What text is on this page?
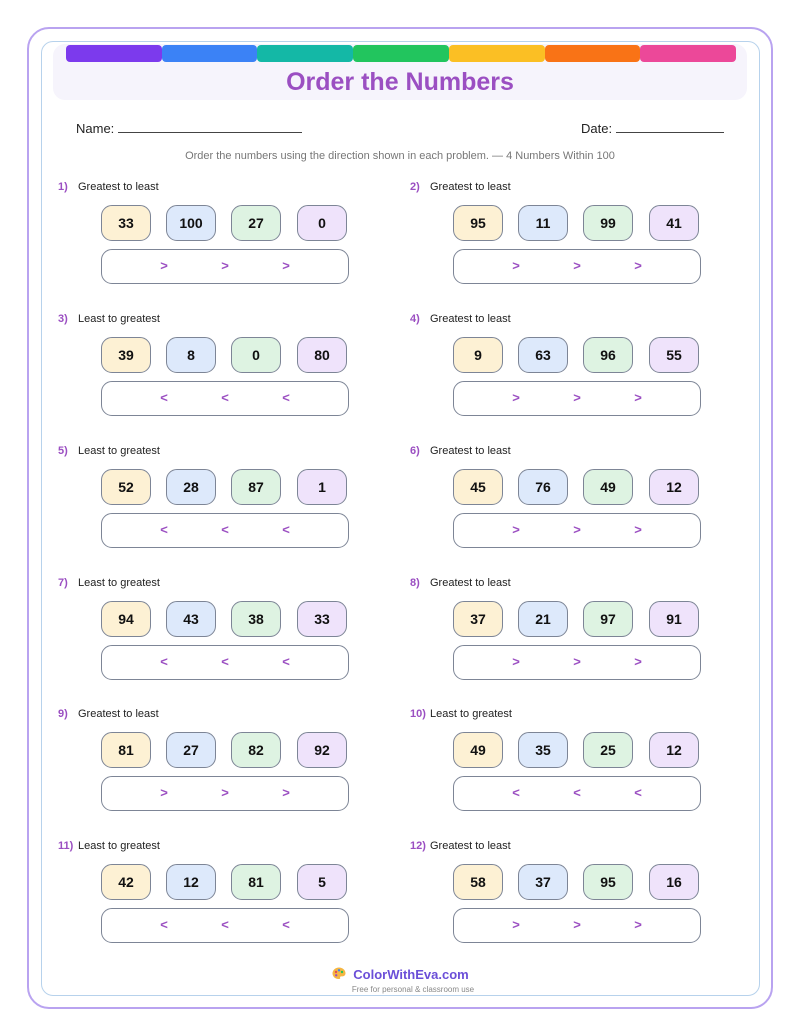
Order the Numbers
Name:	Date:
Order the numbers using the direction shown in each problem. — 4 Numbers Within 100
1) Greatest to least
33	100	27	0
>	>	>
2) Greatest to least
95	11	99	41
>	>	>
3) Least to greatest
39	8	0	80
<	<	<
4) Greatest to least
9	63	96	55
>	>	>
5) Least to greatest
52	28	87	1
<	<	<
6) Greatest to least
45	76	49	12
>	>	>
7) Least to greatest
94	43	38	33
<	<	<
8) Greatest to least
37	21	97	91
>	>	>
9) Greatest to least
81	27	82	92
>	>	>
10) Least to greatest
49	35	25	12
<	<	<
11) Least to greatest
42	12	81	5
<	<	<
12) Greatest to least
58	37	95	16
>	>	>
ColorWithEva.com
Free for personal & classroom use
